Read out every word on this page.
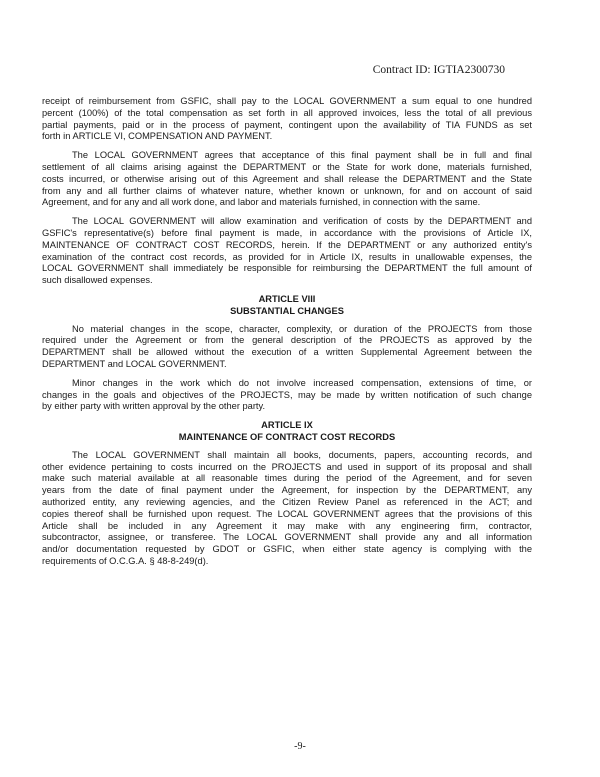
Contract ID: IGTIA2300730
receipt of reimbursement from GSFIC, shall pay to the LOCAL GOVERNMENT a sum equal to one hundred
percent (100%) of the total compensation as set forth in all approved invoices, less the total of all previous
partial payments, paid or in the process of payment, contingent upon the availability of TIA FUNDS as set
forth in ARTICLE VI, COMPENSATION AND PAYMENT.
The LOCAL GOVERNMENT agrees that acceptance of this final payment shall be in full and final
settlement of all claims arising against the DEPARTMENT or the State for work done, materials furnished,
costs incurred, or otherwise arising out of this Agreement and shall release the DEPARTMENT and the State
from any and all further claims of whatever nature, whether known or unknown, for and on account of said
Agreement, and for any and all work done, and labor and materials furnished, in connection with the same.
The LOCAL GOVERNMENT will allow examination and verification of costs by the DEPARTMENT and
GSFIC's representative(s) before final payment is made, in accordance with the provisions of Article IX,
MAINTENANCE OF CONTRACT COST RECORDS, herein. If the DEPARTMENT or any authorized entity's
examination of the contract cost records, as provided for in Article IX, results in unallowable expenses, the
LOCAL GOVERNMENT shall immediately be responsible for reimbursing the DEPARTMENT the full amount of
such disallowed expenses.
ARTICLE VIII
SUBSTANTIAL CHANGES
No material changes in the scope, character, complexity, or duration of the PROJECTS from those
required under the Agreement or from the general description of the PROJECTS as approved by the
DEPARTMENT shall be allowed without the execution of a written Supplemental Agreement between the
DEPARTMENT and LOCAL GOVERNMENT.
Minor changes in the work which do not involve increased compensation, extensions of time, or
changes in the goals and objectives of the PROJECTS, may be made by written notification of such change
by either party with written approval by the other party.
ARTICLE IX
MAINTENANCE OF CONTRACT COST RECORDS
The LOCAL GOVERNMENT shall maintain all books, documents, papers, accounting records, and
other evidence pertaining to costs incurred on the PROJECTS and used in support of its proposal and shall
make such material available at all reasonable times during the period of the Agreement, and for seven
years from the date of final payment under the Agreement, for inspection by the DEPARTMENT, any
authorized entity, any reviewing agencies, and the Citizen Review Panel as referenced in the ACT; and
copies thereof shall be furnished upon request. The LOCAL GOVERNMENT agrees that the provisions of this
Article shall be included in any Agreement it may make with any engineering firm, contractor,
subcontractor, assignee, or transferee. The LOCAL GOVERNMENT shall provide any and all information
and/or documentation requested by GDOT or GSFIC, when either state agency is complying with the
requirements of O.C.G.A. § 48-8-249(d).
-9-
